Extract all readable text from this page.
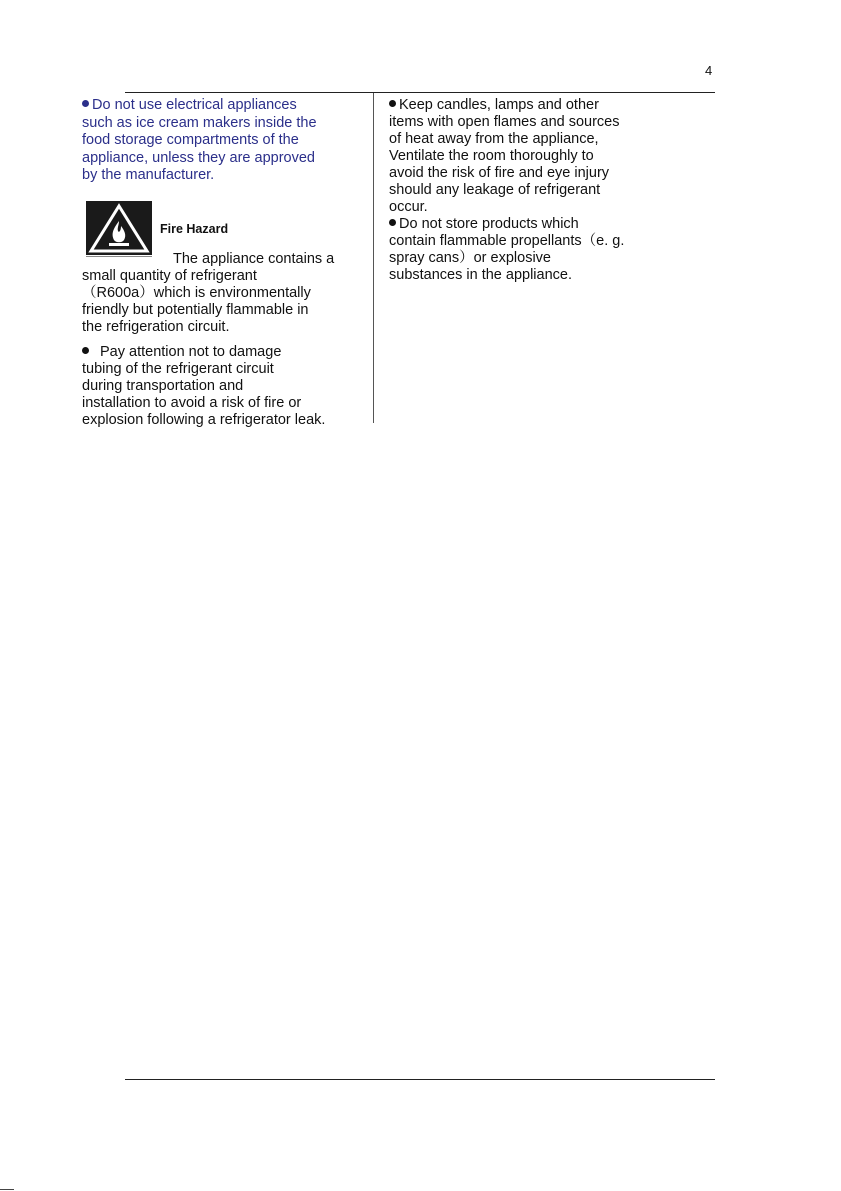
4
Do not use electrical appliances
such as ice cream makers inside the
food storage compartments of the
appliance, unless they are approved
by the manufacturer.
Fire Hazard
The appliance contains a
small quantity of refrigerant
（R600a）which is environmentally
friendly but potentially flammable in
the refrigeration circuit.
Pay attention not to damage
tubing of the refrigerant circuit
during transportation and
installation to avoid a risk of fire or
explosion following a refrigerator leak.
Keep candles, lamps and other
items with open flames and sources
of heat away from the appliance,
Ventilate the room thoroughly to
avoid the risk of fire and eye injury
should any leakage of refrigerant
occur.
Do not store products which
contain flammable propellants（e. g.
spray cans）or explosive
substances in the appliance.
